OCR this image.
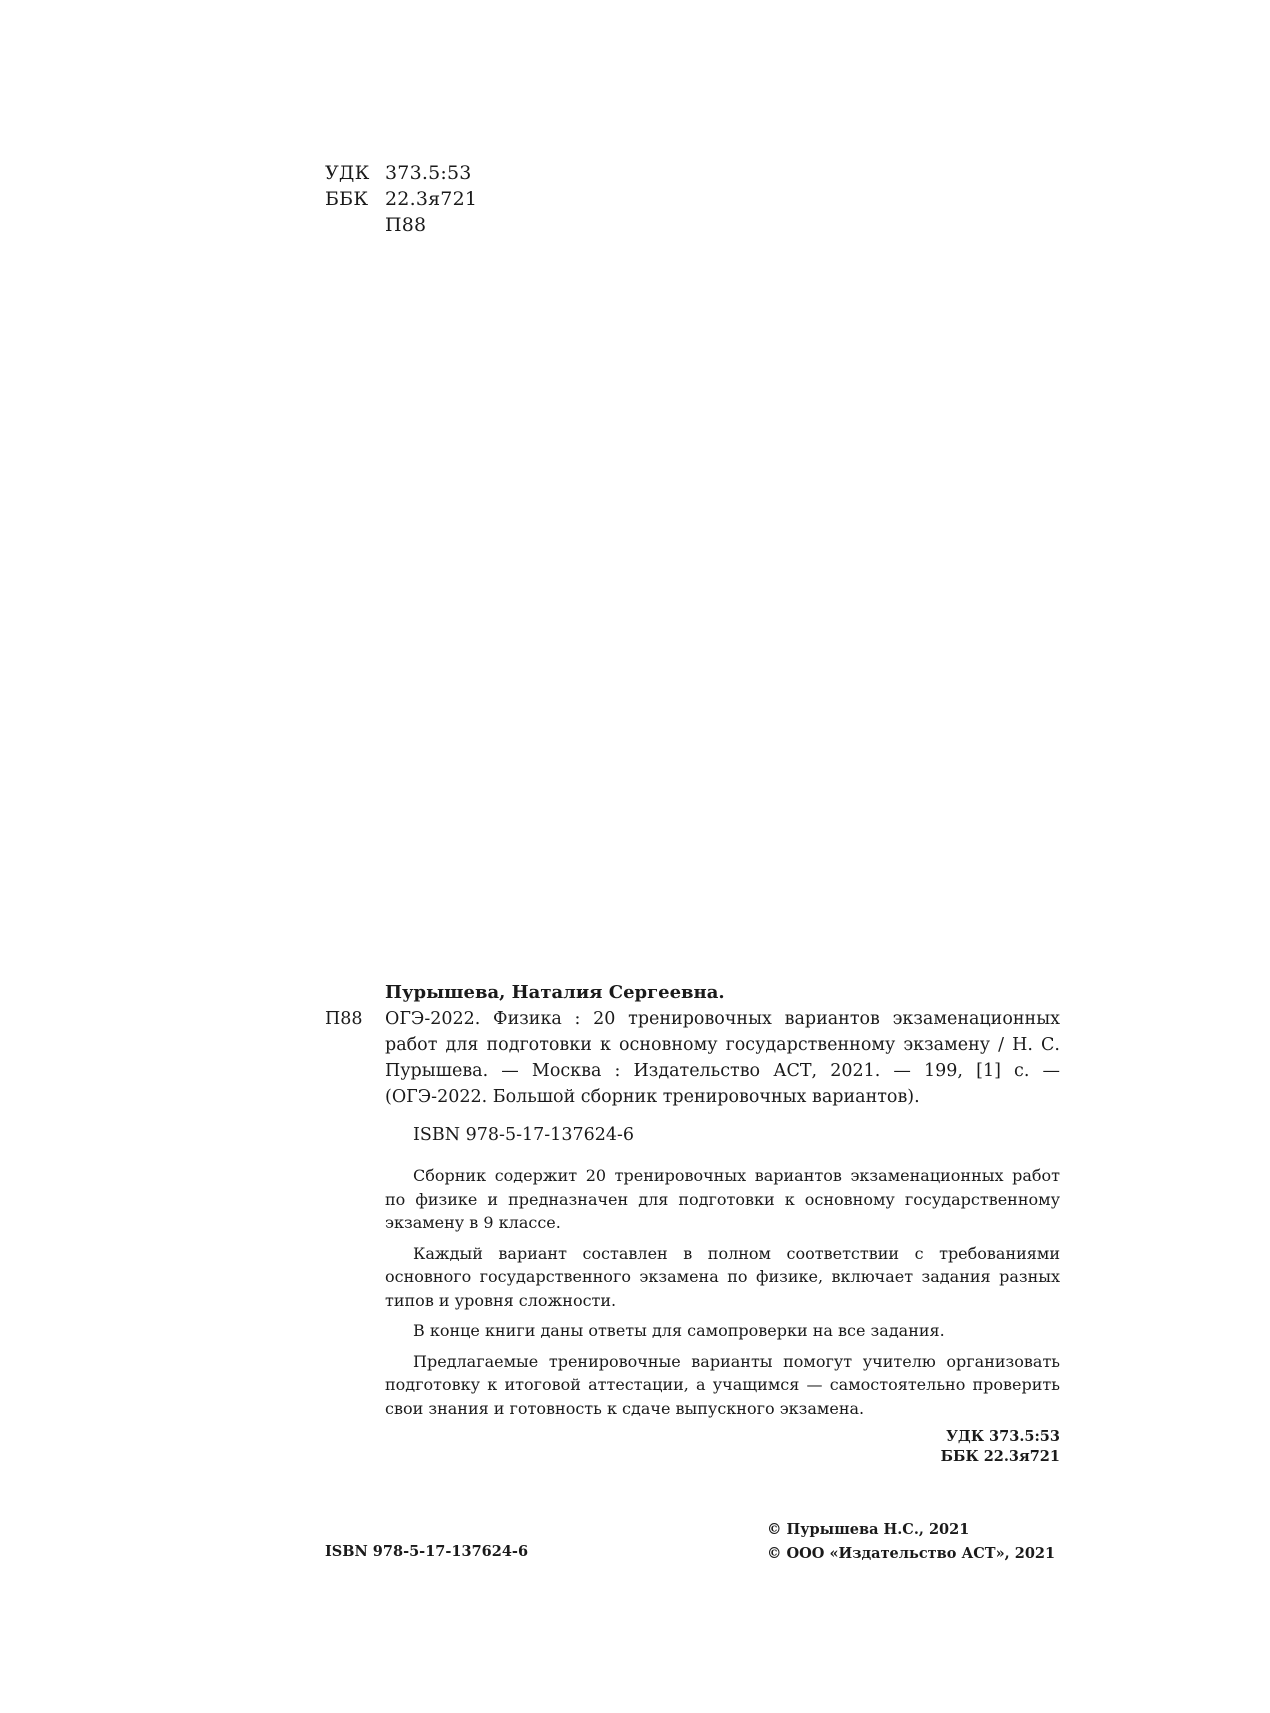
УДК 373.5:53
ББК 22.3я721
П88
Пурышева, Наталия Сергеевна.
П88	ОГЭ-2022. Физика : 20 тренировочных вариантов экзаменационных работ для подготовки к основному государственному экзамену / Н. С. Пурышева. — Москва : Издательство АСТ, 2021. — 199, [1] с. — (ОГЭ-2022. Большой сборник тренировочных вариантов).
ISBN 978-5-17-137624-6

Сборник содержит 20 тренировочных вариантов экзаменационных работ по физике и предназначен для подготовки к основному государственному экзамену в 9 классе.

Каждый вариант составлен в полном соответствии с требованиями основного государственного экзамена по физике, включает задания разных типов и уровня сложности.

В конце книги даны ответы для самопроверки на все задания.

Предлагаемые тренировочные варианты помогут учителю организовать подготовку к итоговой аттестации, а учащимся — самостоятельно проверить свои знания и готовность к сдаче выпускного экзамена.

УДК 373.5:53
ББК 22.3я721
ISBN 978-5-17-137624-6
© Пурышева Н.С., 2021
© ООО «Издательство АСТ», 2021
